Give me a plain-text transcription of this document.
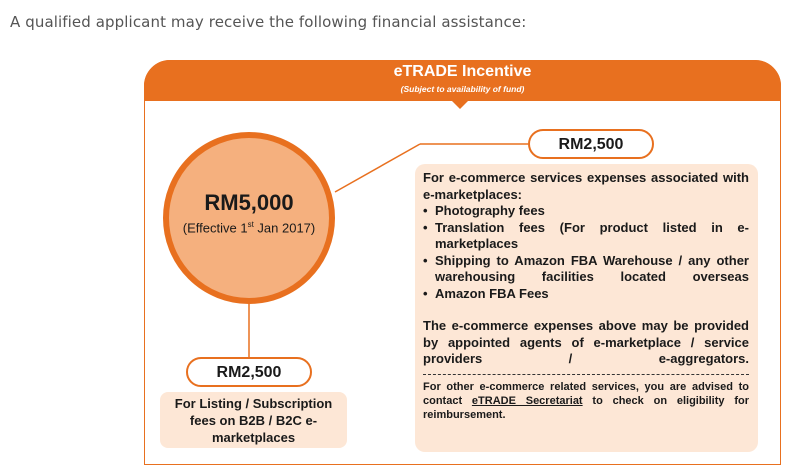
A qualified applicant may receive the following financial assistance:
eTRADE Incentive
(Subject to availability of fund)
RM5,000
(Effective 1st Jan 2017)
RM2,500

For e-commerce services expenses associated with e-marketplaces:

• Photography fees
• Translation fees (For product listed in e-marketplaces
• Shipping to Amazon FBA Warehouse / any other warehousing facilities located overseas
• Amazon FBA Fees

The e-commerce expenses above may be provided by appointed agents of e-marketplace / service providers / e-aggregators.

For other e-commerce related services, you are advised to contact eTRADE Secretariat to check on eligibility for reimbursement.

RM2,500
For Listing / Subscription fees on B2B / B2C e-marketplaces
